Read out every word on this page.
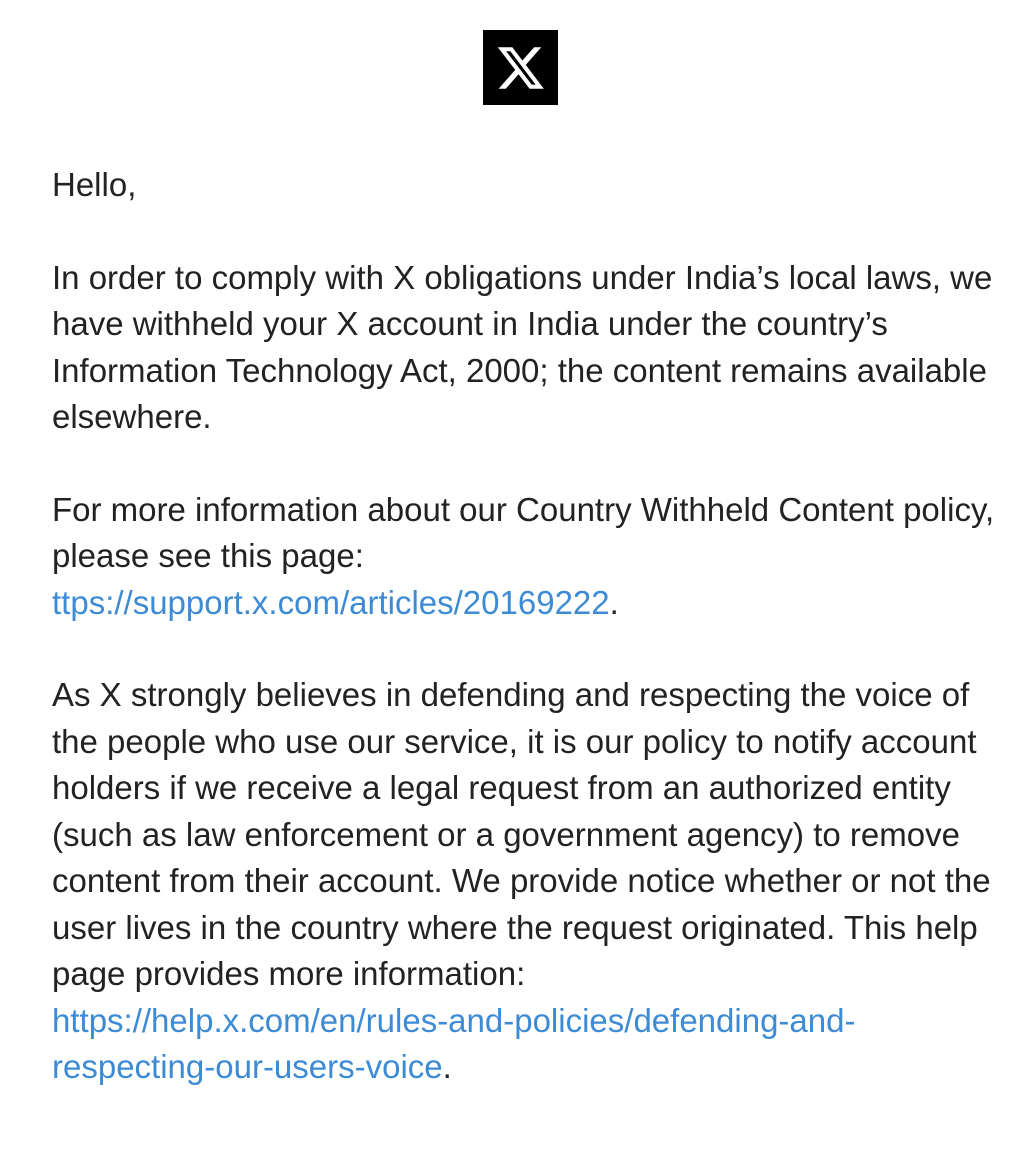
Hello,

In order to comply with X obligations under India’s local laws, we have withheld your X account in India under the country’s Information Technology Act, 2000; the content remains available elsewhere.

For more information about our Country Withheld Content policy, please see this page:
ttps://support.x.com/articles/20169222.

As X strongly believes in defending and respecting the voice of the people who use our service, it is our policy to notify account holders if we receive a legal request from an authorized entity (such as law enforcement or a government agency) to remove content from their account. We provide notice whether or not the user lives in the country where the request originated. This help page provides more information:
https://help.x.com/en/rules-and-policies/defending-and-respecting-our-users-voice.
